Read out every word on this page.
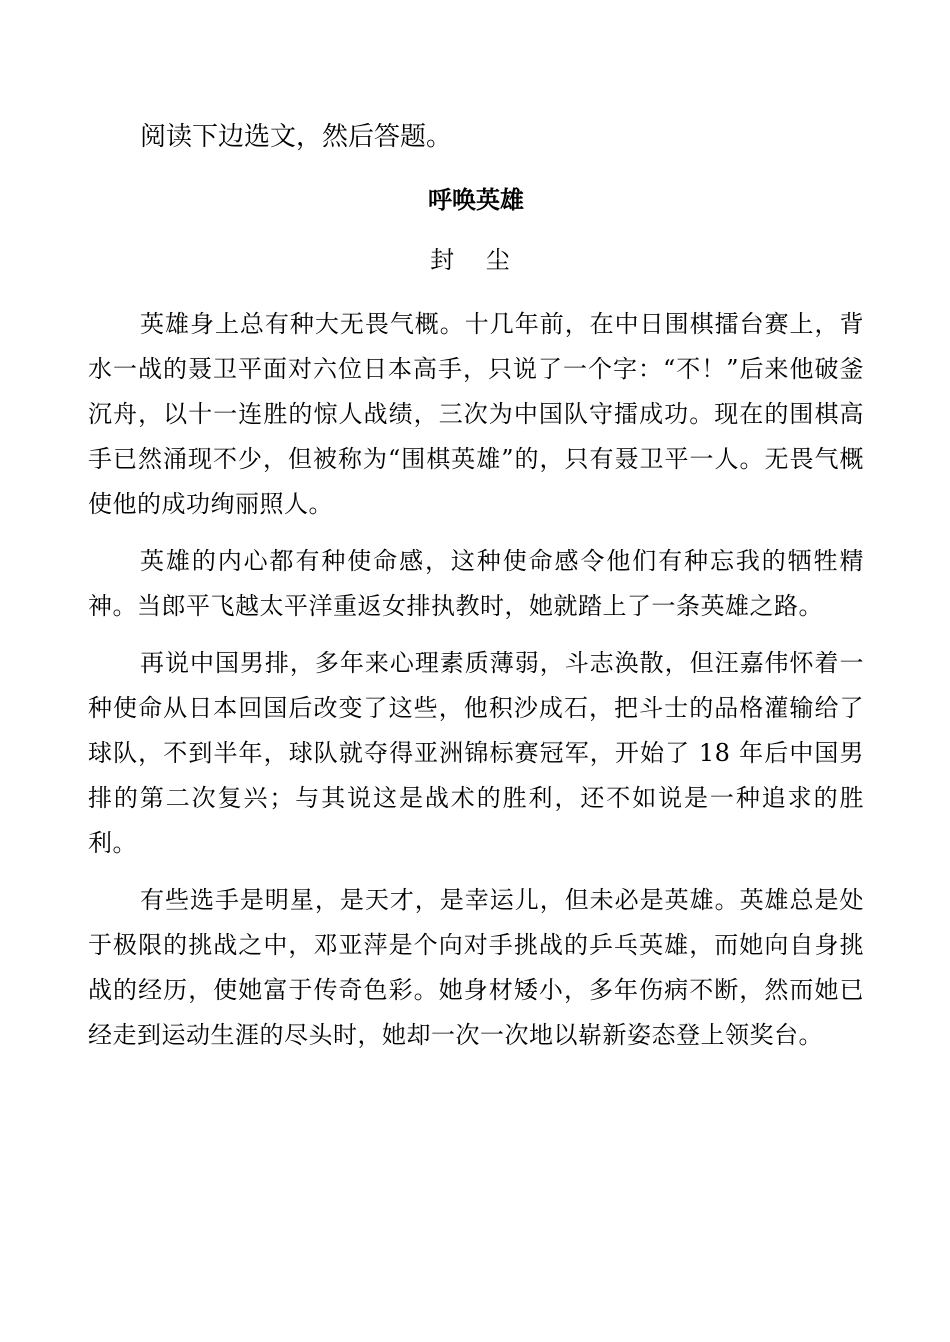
阅读下边选文，然后答题。
呼唤英雄
封 尘

英雄身上总有种大无畏气概。十几年前，在中日围棋擂台赛上，背水一战的聂卫平面对六位日本高手，只说了一个字：“不！”后来他破釜沉舟，以十一连胜的惊人战绩，三次为中国队守擂成功。现在的围棋高手已然涌现不少，但被称为“围棋英雄”的，只有聂卫平一人。无畏气概使他的成功绚丽照人。

英雄的内心都有种使命感，这种使命感令他们有种忘我的牺牲精神。当郎平飞越太平洋重返女排执教时，她就踏上了一条英雄之路。

再说中国男排，多年来心理素质薄弱，斗志涣散，但汪嘉伟怀着一种使命从日本回国后改变了这些，他积沙成石，把斗士的品格灌输给了球队，不到半年，球队就夺得亚洲锦标赛冠军，开始了 18 年后中国男排的第二次复兴；与其说这是战术的胜利，还不如说是一种追求的胜利。

有些选手是明星，是天才，是幸运儿，但未必是英雄。英雄总是处于极限的挑战之中，邓亚萍是个向对手挑战的乒乓英雄，而她向自身挑战的经历，使她富于传奇色彩。她身材矮小，多年伤病不断，然而她已经走到运动生涯的尽头时，她却一次一次地以崭新姿态登上领奖台。
